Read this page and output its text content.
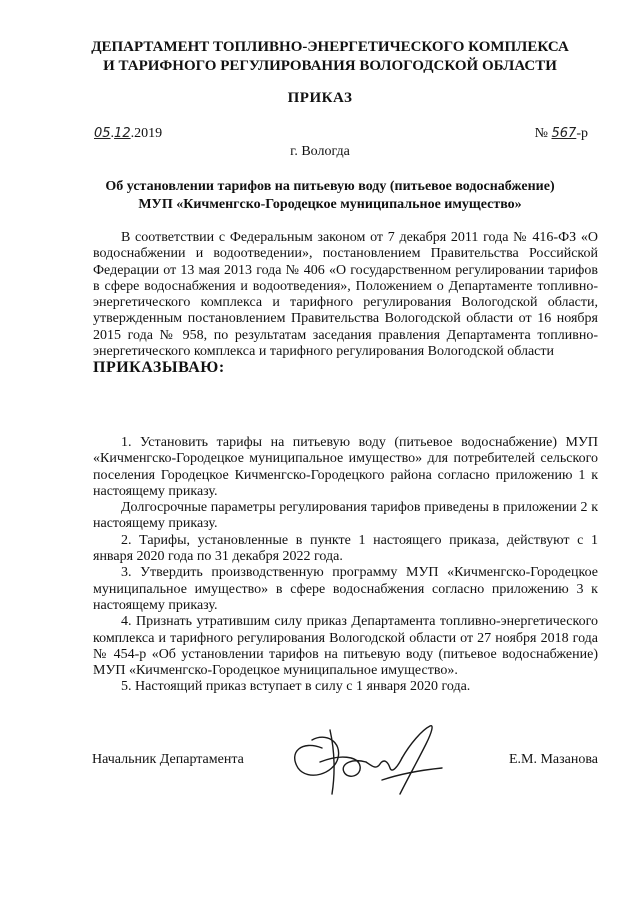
ДЕПАРТАМЕНТ ТОПЛИВНО-ЭНЕРГЕТИЧЕСКОГО КОМПЛЕКСА
И ТАРИФНОГО РЕГУЛИРОВАНИЯ ВОЛОГОДСКОЙ ОБЛАСТИ
ПРИКАЗ
05.12.2019	№ 567-р
г. Вологда
Об установлении тарифов на питьевую воду (питьевое водоснабжение)
МУП «Кичменгско-Городецкое муниципальное имущество»

В соответствии с Федеральным законом от 7 декабря 2011 года № 416-ФЗ «О водоснабжении и водоотведении», постановлением Правительства Российской Федерации от 13 мая 2013 года № 406 «О государственном регулировании тарифов в сфере водоснабжения и водоотведения», Положением о Департаменте топливно-энергетического комплекса и тарифного регулирования Вологодской области, утвержденным постановлением Правительства Вологодской области от 16 ноября 2015 года № 958, по результатам заседания правления Департамента топливно-энергетического комплекса и тарифного регулирования Вологодской области

ПРИКАЗЫВАЮ:

1. Установить тарифы на питьевую воду (питьевое водоснабжение) МУП «Кичменгско-Городецкое муниципальное имущество» для потребителей сельского поселения Городецкое Кичменгско-Городецкого района согласно приложению 1 к настоящему приказу.

Долгосрочные параметры регулирования тарифов приведены в приложении 2 к настоящему приказу.

2. Тарифы, установленные в пункте 1 настоящего приказа, действуют с 1 января 2020 года по 31 декабря 2022 года.

3. Утвердить производственную программу МУП «Кичменгско-Городецкое муниципальное имущество» в сфере водоснабжения согласно приложению 3 к настоящему приказу.

4. Признать утратившим силу приказ Департамента топливно-энергетического комплекса и тарифного регулирования Вологодской области от 27 ноября 2018 года № 454-р «Об установлении тарифов на питьевую воду (питьевое водоснабжение) МУП «Кичменгско-Городецкое муниципальное имущество».

5. Настоящий приказ вступает в силу с 1 января 2020 года.

Начальник Департамента	Е.М. Мазанова
